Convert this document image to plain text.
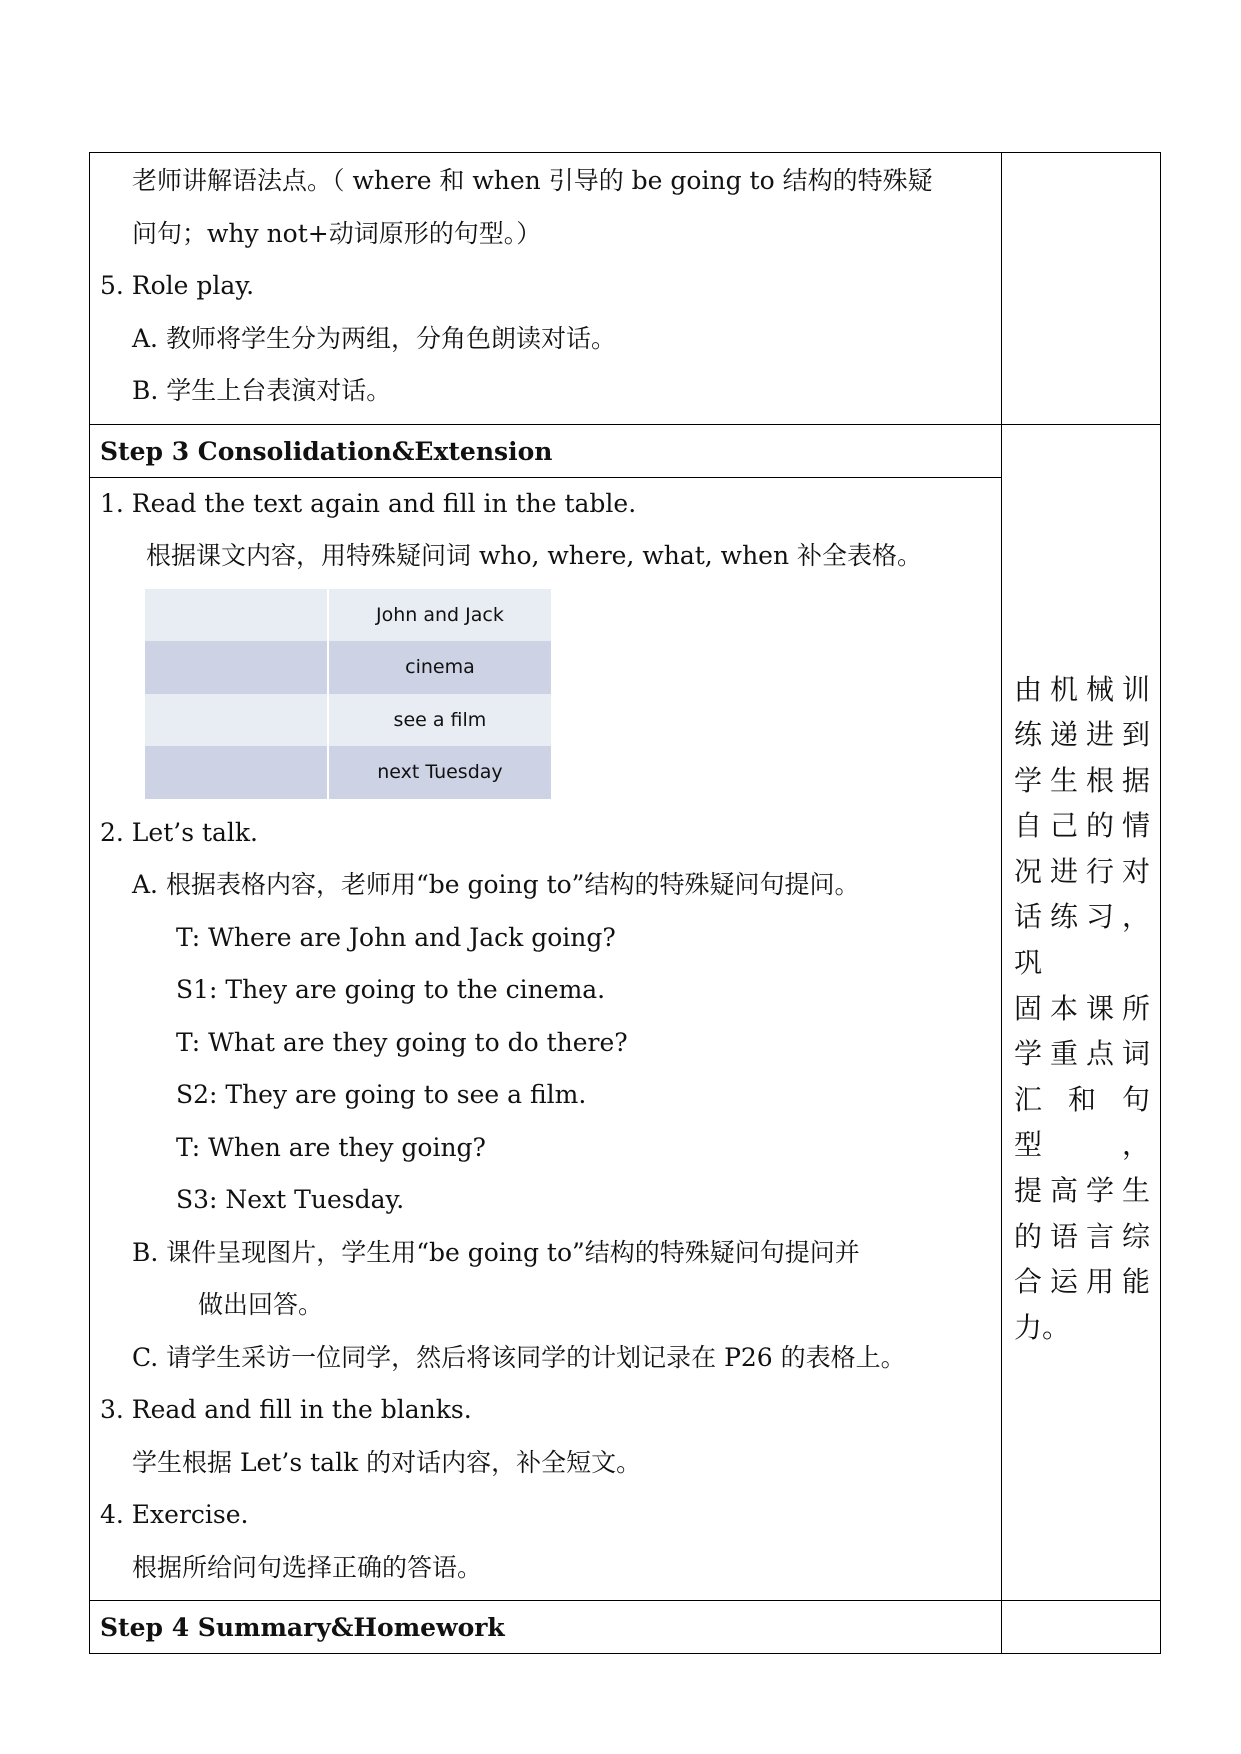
老师讲解语法点。（ where 和 when 引导的 be going to 结构的特殊疑
问句；why not+动词原形的句型。）
5. Role play.
A. 教师将学生分为两组，分角色朗读对话。
B. 学生上台表演对话。

Step 3 Consolidation&Extension

由机械训
练递进到
学生根据
自己的情
况进行对
话练习，巩
固本课所
学重点词
汇和句型，
提高学生
的语言综
合运用能
力。

1. Read the text again and fill in the table.
根据课文内容，用特殊疑问词 who, where, what, when 补全表格。
	John and Jack
	cinema
	see a film
	next Tuesday
2. Let’s talk.
A. 根据表格内容，老师用“be going to”结构的特殊疑问句提问。
T: Where are John and Jack going?
S1: They are going to the cinema.
T: What are they going to do there?
S2: They are going to see a film.
T: When are they going?
S3: Next Tuesday.
B. 课件呈现图片，学生用“be going to”结构的特殊疑问句提问并
做出回答。
C. 请学生采访一位同学，然后将该同学的计划记录在 P26 的表格上。
3. Read and fill in the blanks.
学生根据 Let’s talk 的对话内容，补全短文。
4. Exercise.
根据所给问句选择正确的答语。

Step 4 Summary&Homework
